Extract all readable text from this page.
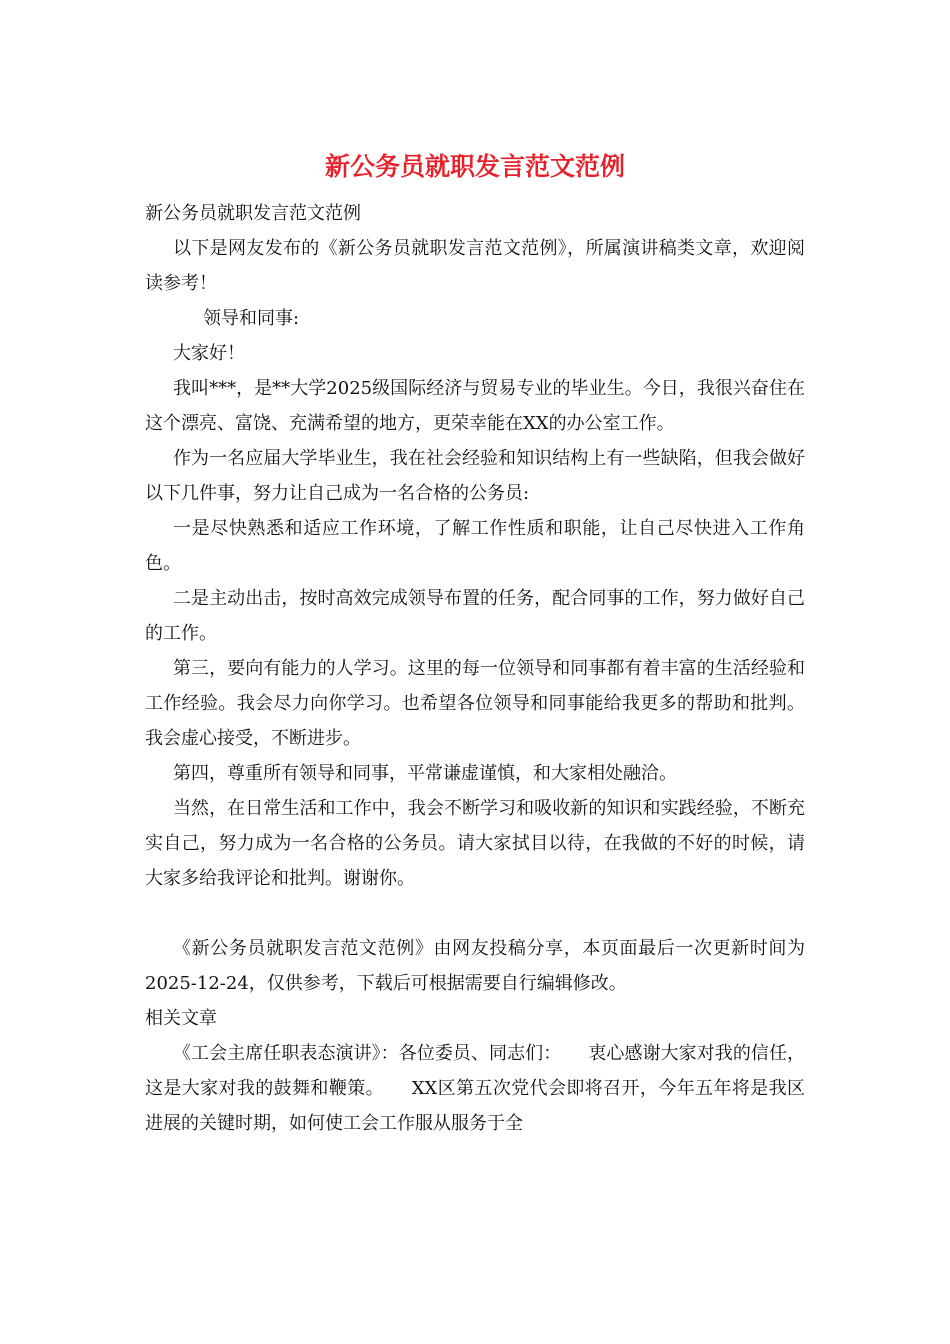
新公务员就职发言范文范例

新公务员就职发言范文范例

以下是网友发布的《新公务员就职发言范文范例》，所属演讲稿类文章，欢迎阅读参考！

领导和同事:

大家好！

我叫***，是**大学2025级国际经济与贸易专业的毕业生。今日，我很兴奋住在这个漂亮、富饶、充满希望的地方，更荣幸能在XX的办公室工作。

作为一名应届大学毕业生，我在社会经验和知识结构上有一些缺陷，但我会做好以下几件事，努力让自己成为一名合格的公务员:

一是尽快熟悉和适应工作环境，了解工作性质和职能，让自己尽快进入工作角色。

二是主动出击，按时高效完成领导布置的任务，配合同事的工作，努力做好自己的工作。

第三，要向有能力的人学习。这里的每一位领导和同事都有着丰富的生活经验和工作经验。我会尽力向你学习。也希望各位领导和同事能给我更多的帮助和批判。我会虚心接受，不断进步。

第四，尊重所有领导和同事，平常谦虚谨慎，和大家相处融洽。

当然，在日常生活和工作中，我会不断学习和吸收新的知识和实践经验，不断充实自己，努力成为一名合格的公务员。请大家拭目以待，在我做的不好的时候，请大家多给我评论和批判。谢谢你。

《新公务员就职发言范文范例》由网友投稿分享，本页面最后一次更新时间为2025-12-24，仅供参考，下载后可根据需要自行编辑修改。

相关文章

《工会主席任职表态演讲》：各位委员、同志们：　　衷心感谢大家对我的信任，这是大家对我的鼓舞和鞭策。　　XX区第五次党代会即将召开，今年五年将是我区进展的关键时期，如何使工会工作服从服务于全
